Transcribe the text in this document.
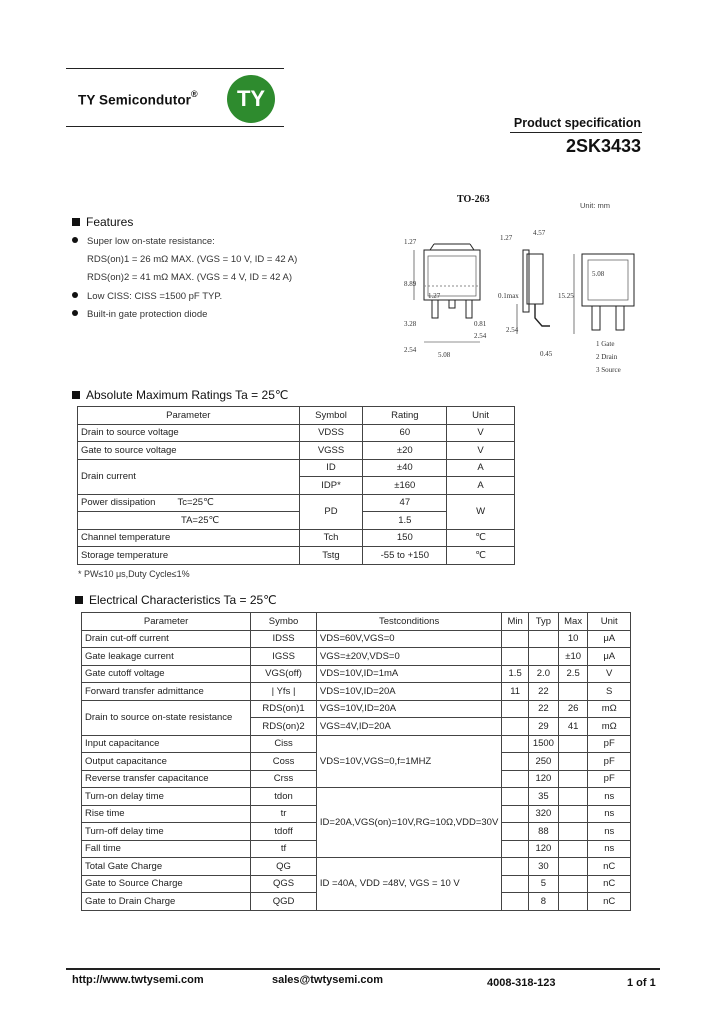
TY Semicondutor®	TY
Product specification
2SK3433
TO-263
Unit: mm
1.27
4.57
1.27
8.89
15.25
5.08
0.1max
1.27
0.81
2.54
2.54
2.54
5.08
3.28
0.45
1 Gate
2 Drain
3 Source
Features
Super low on-state resistance:
RDS(on)1 = 26 mΩ MAX. (VGS = 10 V, ID = 42 A)
RDS(on)2 = 41 mΩ MAX. (VGS = 4 V, ID = 42 A)
Low CISS: CISS =1500 pF TYP.
Built-in gate protection diode
Absolute Maximum Ratings Ta = 25℃
Parameter	Symbol	Rating	Unit
Drain to source voltage	VDSS	60	V
Gate to source voltage	VGSS	±20	V
Drain current	ID	±40	A
	IDP*	±160	A
Power dissipation Tc=25℃	PD	47	W
TA=25℃		1.5	
Channel temperature	Tch	150	℃
Storage temperature	Tstg	-55 to +150	℃
* PW≤10 μs,Duty Cycle≤1%
Electrical Characteristics Ta = 25℃
Parameter	Symbo	Testconditions	Min	Typ	Max	Unit
Drain cut-off current	IDSS	VDS=60V,VGS=0			10	μA
Gate leakage current	IGSS	VGS=±20V,VDS=0			±10	μA
Gate cutoff voltage	VGS(off)	VDS=10V,ID=1mA	1.5	2.0	2.5	V
Forward transfer admittance	| Yfs |	VDS=10V,ID=20A	11	22		S
Drain to source on-state resistance	RDS(on)1	VGS=10V,ID=20A		22	26	mΩ
	RDS(on)2	VGS=4V,ID=20A		29	41	mΩ
Input capacitance	Ciss	VDS=10V,VGS=0,f=1MHZ		1500		pF
Output capacitance	Coss			250		pF
Reverse transfer capacitance	Crss			120		pF
Turn-on delay time	tdon	ID=20A,VGS(on)=10V,RG=10Ω,VDD=30V		35		ns
Rise time	tr			320		ns
Turn-off delay time	tdoff			88		ns
Fall time	tf			120		ns
Total Gate Charge	QG	ID =40A, VDD =48V, VGS = 10 V		30		nC
Gate to Source Charge	QGS			5		nC
Gate to Drain Charge	QGD			8		nC
http://www.twtysemi.com	sales@twtysemi.com	4008-318-123	1 of 1
